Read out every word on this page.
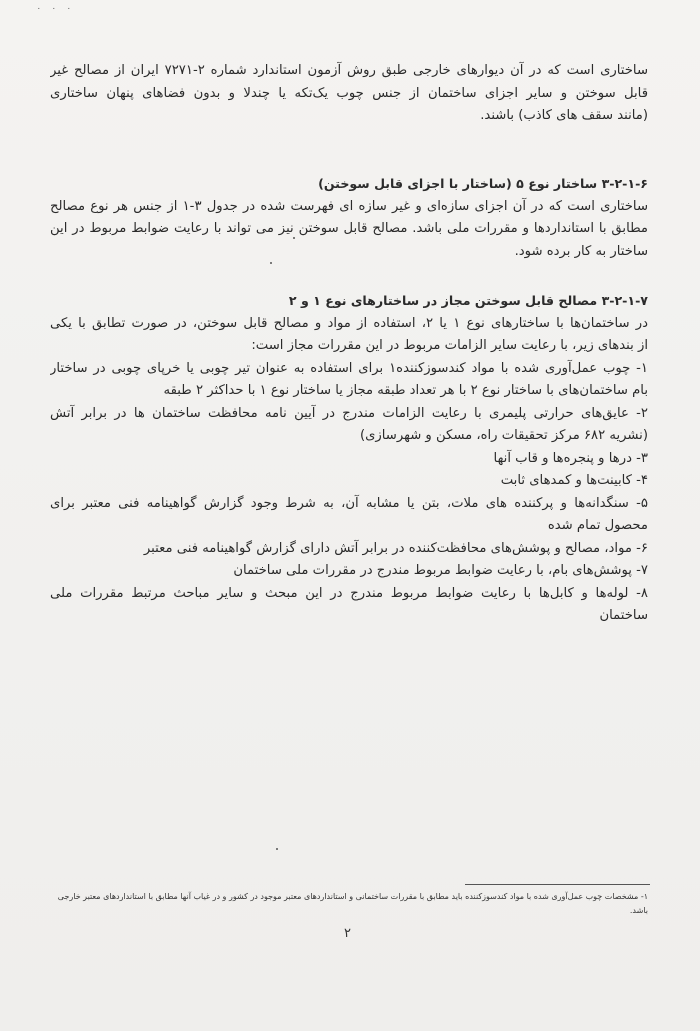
˙ ˙ ˙
ساختاری است که در آن دیوارهای خارجی طبق روش آزمون استاندارد شماره ۲-۷۲۷۱ ایران از مصالح غیر
قابل سوختن و سایر اجزای ساختمان از جنس چوب یک‌تکه یا چندلا و بدون فضاهای پنهان ساختاری
(مانند سقف های کاذب) باشند.
۳-۲-۱-۶ ساختار نوع ۵ (ساختار با اجزای قابل سوختن)
ساختاری است که در آن اجزای سازه‌ای و غیر سازه ای فهرست شده در جدول ۳-۱ از جنس هر نوع مصالح
مطابق با استانداردها و مقررات ملی باشد. مصالح قابل سوختن نیز می تواند با رعایت ضوابط مربوط در این
ساختار به کار برده شود.
۳-۲-۱-۷ مصالح قابل سوختن مجاز در ساختارهای نوع ۱ و ۲
در ساختمان‌ها با ساختارهای نوع ۱ یا ۲، استفاده از مواد و مصالح قابل سوختن، در صورت تطابق با یکی
از بندهای زیر، با رعایت سایر الزامات مربوط در این مقررات مجاز است:
۱- چوب عمل‌آوری شده با مواد کندسوزکننده۱ برای استفاده به عنوان تیر چوبی یا خرپای چوبی در ساختار
بام ساختمان‌های با ساختار نوع ۲ با هر تعداد طبقه مجاز یا ساختار نوع ۱ با حداکثر ۲ طبقه
۲- عایق‌های حرارتی پلیمری با رعایت الزامات مندرج در آیین نامه محافظت ساختمان ها در برابر آتش
(نشریه ۶۸۲ مرکز تحقیقات راه، مسکن و شهرسازی)
۳- درها و پنجره‌ها و قاب آنها
۴- کابینت‌ها و کمدهای ثابت
۵- سنگدانه‌ها و پرکننده های ملات، بتن یا مشابه آن، به شرط وجود گزارش گواهینامه فنی معتبر برای
محصول تمام شده
۶- مواد، مصالح و پوشش‌های محافظت‌کننده در برابر آتش دارای گزارش گواهینامه فنی معتبر
۷- پوشش‌های بام، با رعایت ضوابط مربوط مندرج در مقررات ملی ساختمان
۸- لوله‌ها و کابل‌ها با رعایت ضوابط مربوط مندرج در این مبحث و سایر مباحث مرتبط مقررات ملی
ساختمان
۱- مشخصات چوب عمل‌آوری شده با مواد کندسوزکننده باید مطابق با مقررات ساختمانی و استانداردهای معتبر موجود در کشور و در غیاب آنها مطابق با استانداردهای معتبر خارجی
باشد.
۲
